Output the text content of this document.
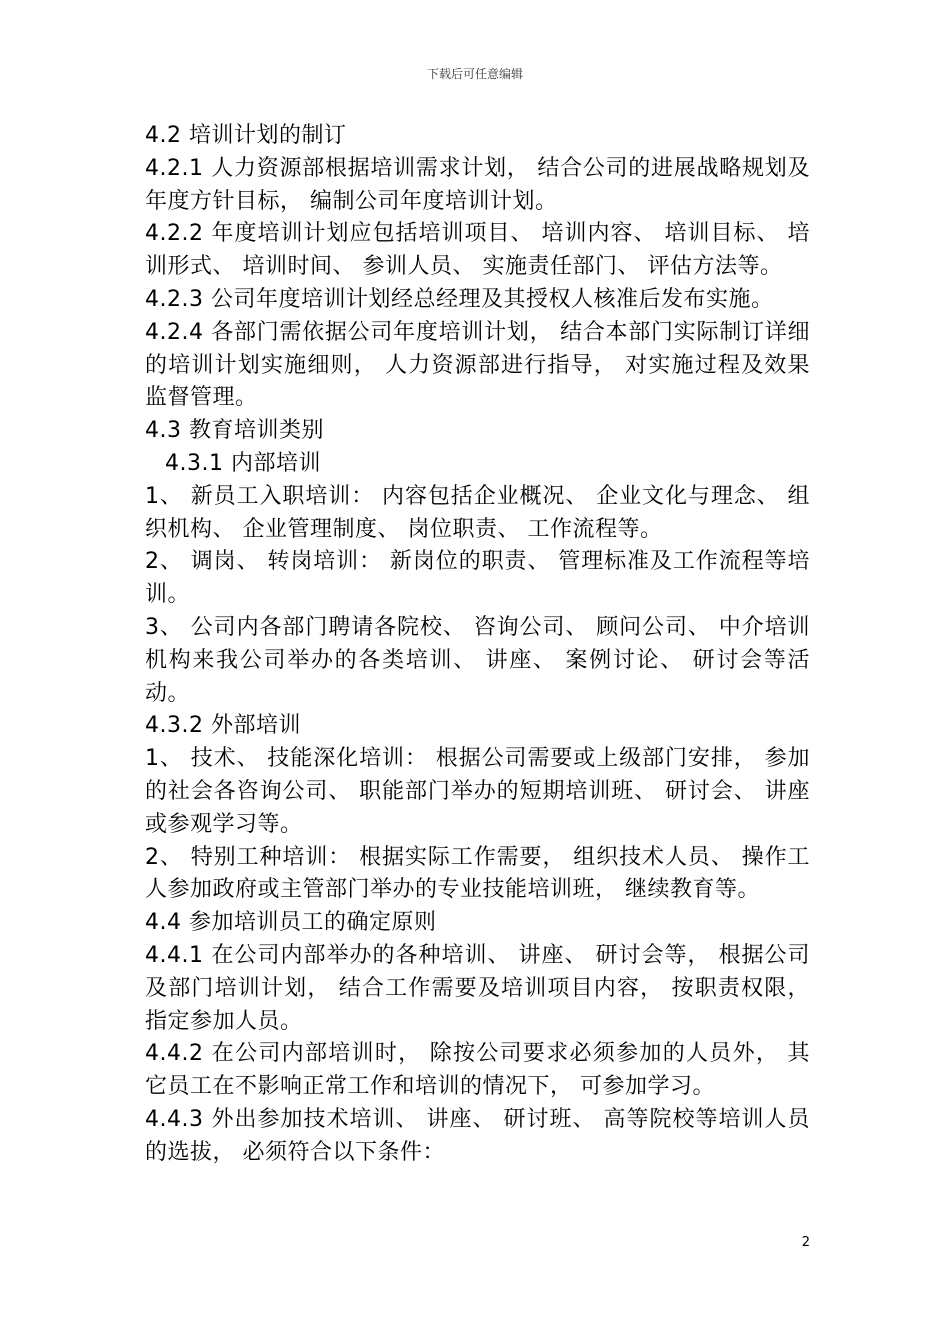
下载后可任意编辑

4.2 培训计划的制订

4.2.1 人力资源部根据培训需求计划， 结合公司的进展战略规划及年度方针目标， 编制公司年度培训计划。

4.2.2 年度培训计划应包括培训项目、 培训内容、 培训目标、 培训形式、 培训时间、 参训人员、 实施责任部门、 评估方法等。

4.2.3 公司年度培训计划经总经理及其授权人核准后发布实施。

4.2.4 各部门需依据公司年度培训计划， 结合本部门实际制订详细的培训计划实施细则， 人力资源部进行指导， 对实施过程及效果监督管理。

4.3 教育培训类别

4.3.1 内部培训

1、 新员工入职培训： 内容包括企业概况、 企业文化与理念、 组织机构、 企业管理制度、 岗位职责、 工作流程等。

2、 调岗、 转岗培训： 新岗位的职责、 管理标准及工作流程等培训。

3、 公司内各部门聘请各院校、 咨询公司、 顾问公司、 中介培训机构来我公司举办的各类培训、 讲座、 案例讨论、 研讨会等活动。

4.3.2 外部培训

1、 技术、 技能深化培训： 根据公司需要或上级部门安排， 参加的社会各咨询公司、 职能部门举办的短期培训班、 研讨会、 讲座或参观学习等。

2、 特别工种培训： 根据实际工作需要， 组织技术人员、 操作工人参加政府或主管部门举办的专业技能培训班， 继续教育等。

4.4 参加培训员工的确定原则

4.4.1 在公司内部举办的各种培训、 讲座、 研讨会等， 根据公司及部门培训计划， 结合工作需要及培训项目内容， 按职责权限， 指定参加人员。

4.4.2 在公司内部培训时， 除按公司要求必须参加的人员外， 其它员工在不影响正常工作和培训的情况下， 可参加学习。

4.4.3 外出参加技术培训、 讲座、 研讨班、 高等院校等培训人员的选拔， 必须符合以下条件：

2
